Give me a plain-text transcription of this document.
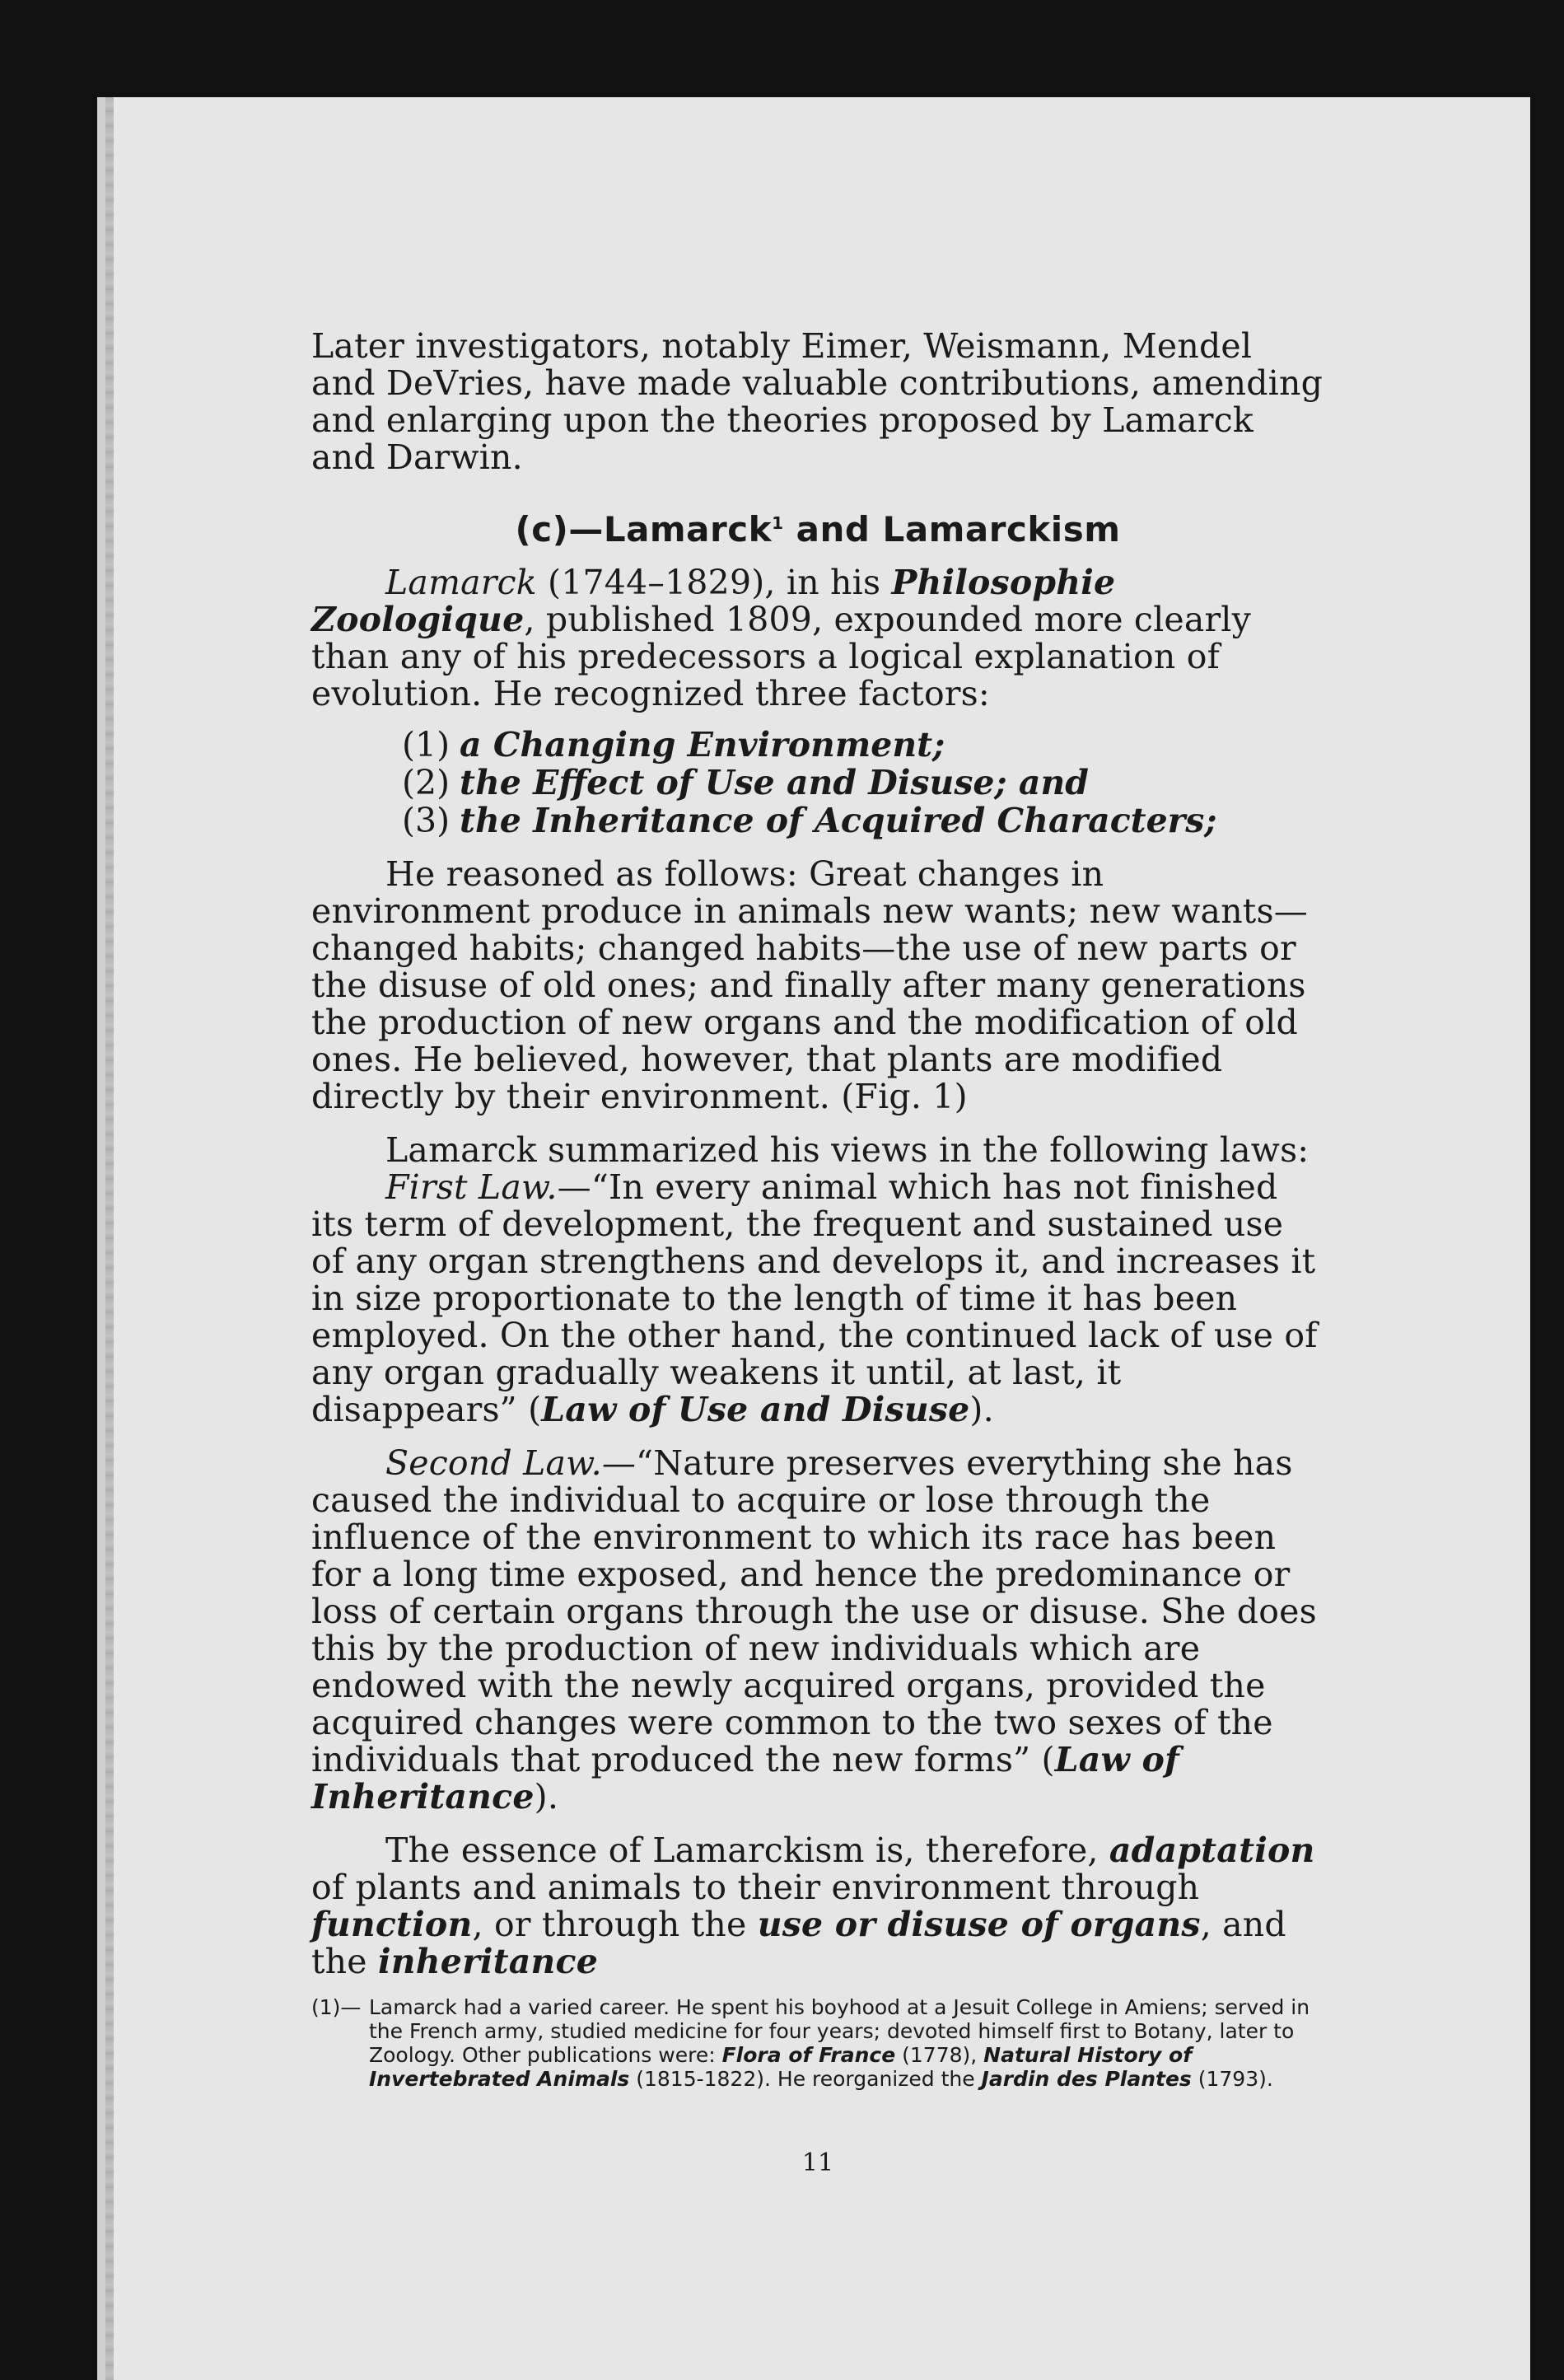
Later investigators, notably Eimer, Weismann, Mendel and DeVries, have made valuable contributions, amending and enlarging upon the theories proposed by Lamarck and Darwin.

(c)—Lamarck$^1$ and Lamarckism

Lamarck (1744–1829), in his Philosophie Zoologique, published 1809, expounded more clearly than any of his predecessors a logical explanation of evolution. He recognized three factors:

(1) a Changing Environment;
(2) the Effect of Use and Disuse; and
(3) the Inheritance of Acquired Characters;

He reasoned as follows: Great changes in environment produce in animals new wants; new wants—changed habits; changed habits—the use of new parts or the disuse of old ones; and finally after many generations the production of new organs and the modification of old ones. He believed, however, that plants are modified directly by their environment. (Fig. 1)

Lamarck summarized his views in the following laws:

First Law.—“In every animal which has not finished its term of development, the frequent and sustained use of any organ strengthens and develops it, and increases it in size proportionate to the length of time it has been employed. On the other hand, the continued lack of use of any organ gradually weakens it until, at last, it disappears” (Law of Use and Disuse).

Second Law.—“Nature preserves everything she has caused the individual to acquire or lose through the influence of the environment to which its race has been for a long time exposed, and hence the predominance or loss of certain organs through the use or disuse. She does this by the production of new individuals which are endowed with the newly acquired organs, provided the acquired changes were common to the two sexes of the individuals that produced the new forms” (Law of Inheritance).

The essence of Lamarckism is, therefore, adaptation of plants and animals to their environment through function, or through the use or disuse of organs, and the inheritance

(1)— Lamarck had a varied career. He spent his boyhood at a Jesuit College in Amiens; served in the French army, studied medicine for four years; devoted himself first to Botany, later to Zoology. Other publications were: Flora of France (1778), Natural History of Invertebrated Animals (1815-1822). He reorganized the Jardin des Plantes (1793).

11
